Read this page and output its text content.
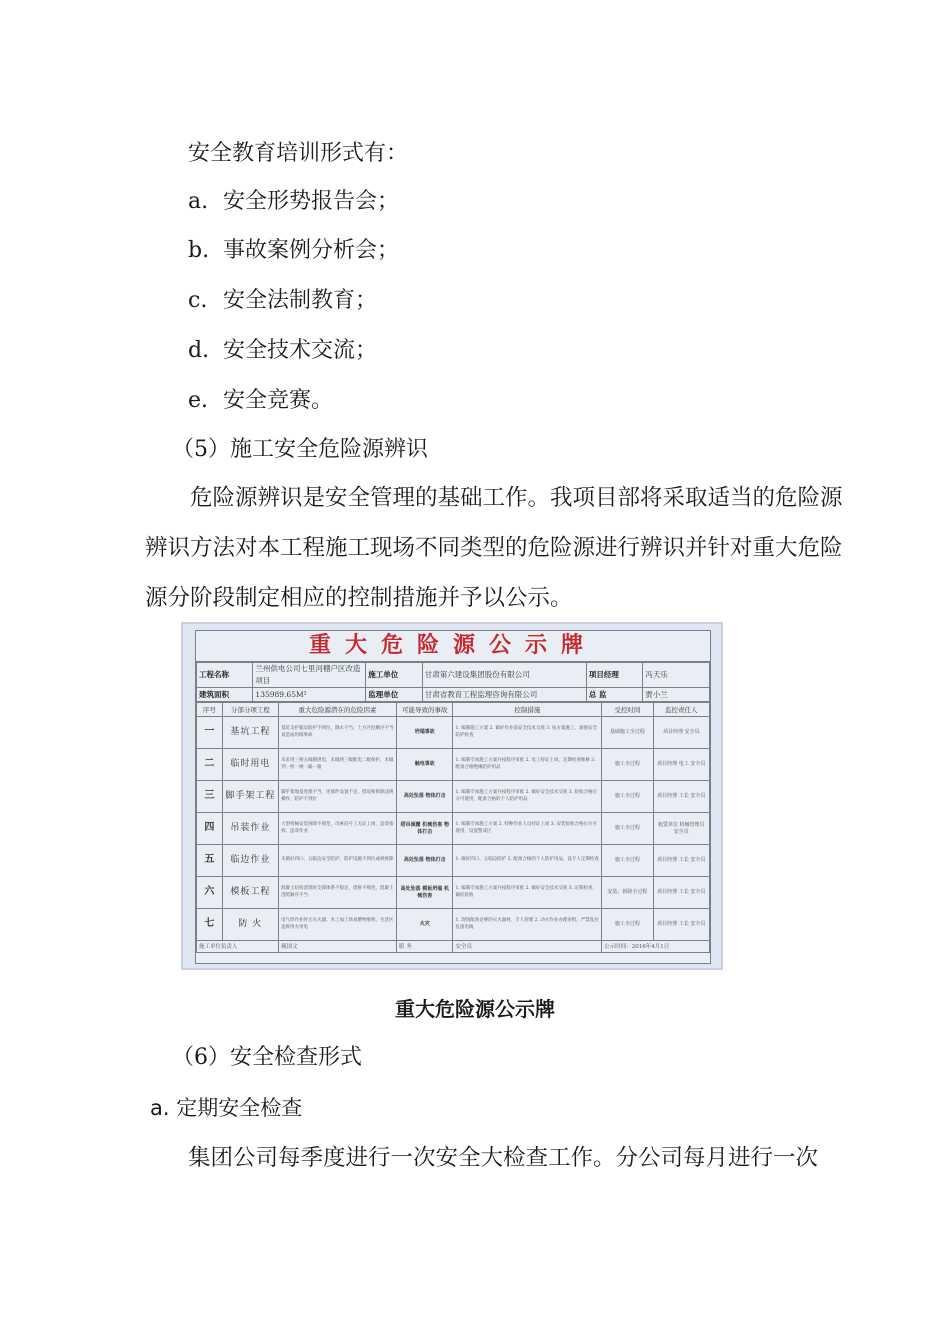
安全教育培训形式有：
a. 安全形势报告会；
b. 事故案例分析会；
c. 安全法制教育；
d. 安全技术交流；
e. 安全竞赛。
（5）施工安全危险源辨识
危险源辨识是安全管理的基础工作。我项目部将采取适当的危险源辨识方法对本工程施工现场不同类型的危险源进行辨识并针对重大危险源分阶段制定相应的控制措施并予以公示。
重大危险源公示牌
工程名称	兰州供电公司七里河棚户区改造项目	施工单位	甘肃第六建设集团股份有限公司	项目经理	冯天乐
建筑面积	135989.65M²	监理单位	甘肃省教育工程监理咨询有限公司	总 监	贾小兰
序号	分部分项工程	重大危险源潜在的危险因素	可能导致的事故	控制措施	受控时间	监控责任人
一	基坑工程	基坑支护临边防护不到位、降水不当、土方开挖顺序不当易造成坍塌事故	坍塌事故	1. 编制施工方案 2. 做好作业前安全技术交底 3. 按方案施工，加强安全防护检查	基础施工全过程	项目经理 安全员
二	临时用电	未采用三相五线制供电，未做到三级配电二级保护，未做到一机一闸一漏一箱	触电事故	1. 编制专项施工方案并按程序审批 2. 电工持证上岗，定期检查维修 3. 配备合格绝缘防护用品	施工全过程	项目经理 电工 安全员
三	脚手架工程	脚手架地基处理不当，连墙件设置不足，搭设和拆除违规操作，防护不到位	高处坠落 物体打击	1. 编制专项施工方案并按程序审批 2. 做好安全技术交底 3. 验收合格后方可使用，配备合格的个人防护用品	施工全过程	项目经理 工长 安全员
四	吊装作业	大型机械安装拆除不规范，司索信号工无证上岗，违章指挥、违章作业	塔吊倾覆 机械伤害 物体打击	1. 编制专项施工方案 2. 特种作业人员持证上岗 3. 安装验收合格后方可使用，设置警戒区	施工全过程	租赁单位 机械管理员 安全员
五	临边作业	未做好四口、五临边安全防护，防护设施不到位或被拆除	高处坠落 物体打击	1. 做好四口、五临边防护 2. 配备合格的个人防护用品，设专人定期检查	施工全过程	项目经理 工长 安全员
六	模板工程	混凝土结构浇筑时支撑体系不稳定，搭拆不规范，混凝土浇筑顺序不当	高处坠落 模板坍塌 机械伤害	1. 编制专项施工方案并按程序审批 2. 做好安全技术交底 3. 定期检查，做好验收	安装、拆除全过程	项目经理 工长 安全员
七	防 火	电气焊作业时无灭火器、木工加工场易燃物堆积、生活区违规用火用电	火灾	1. 现场配备足够的灭火器材，专人管理 2. 动火作业办理审批，严禁乱拉乱接电线	施工全过程	项目经理 工长 安全员
施工单位负责人		蔺国文	职 务	安全员	公示时间：2016年4月1日	
重大危险源公示牌
（6）安全检查形式
a. 定期安全检查
集团公司每季度进行一次安全大检查工作。分公司每月进行一次
